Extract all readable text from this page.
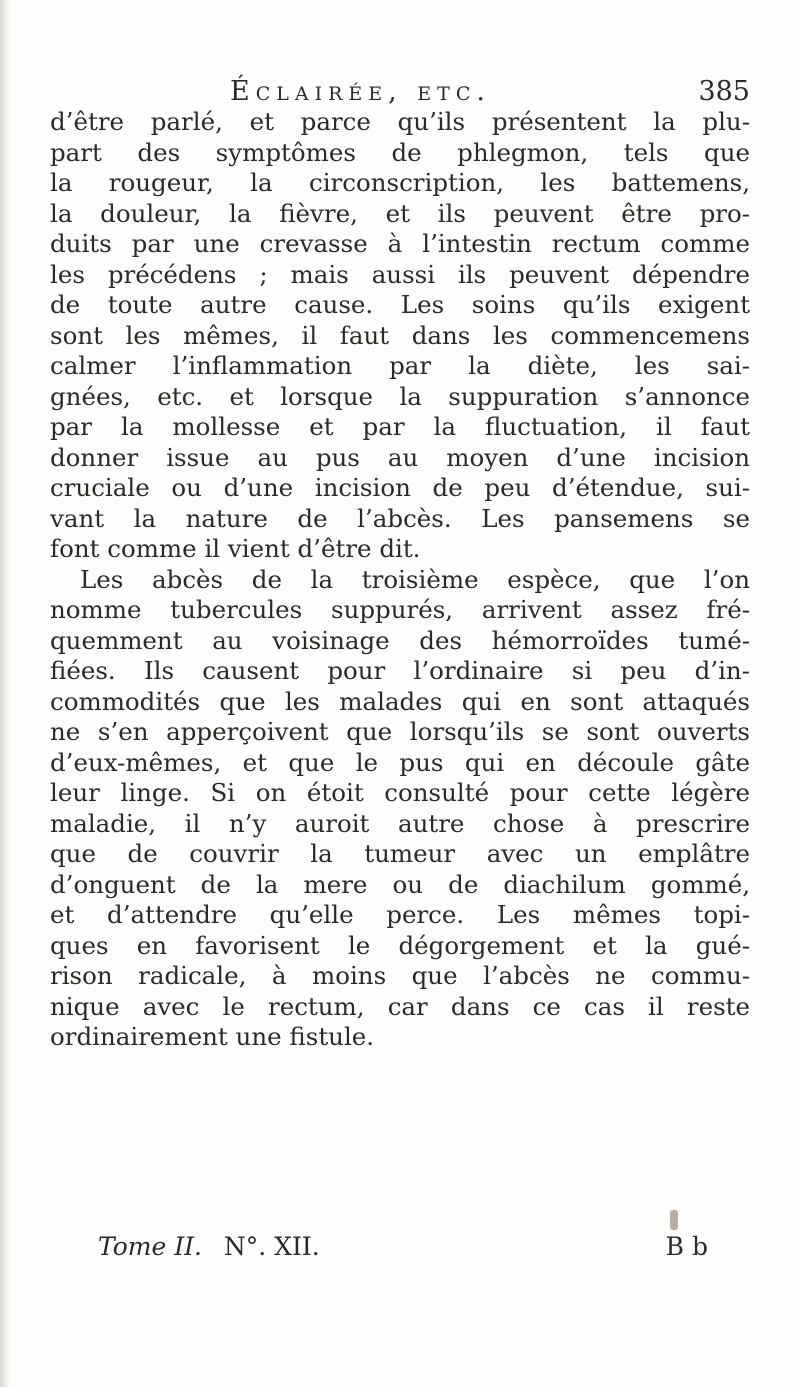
Éclairée, etc.	385
d’être parlé, et parce qu’ils présentent la plu-
part des symptômes de phlegmon, tels que
la rougeur, la circonscription, les battemens,
la douleur, la fièvre, et ils peuvent être pro-
duits par une crevasse à l’intestin rectum comme
les précédens ; mais aussi ils peuvent dépendre
de toute autre cause. Les soins qu’ils exigent
sont les mêmes, il faut dans les commencemens
calmer l’inflammation par la diète, les sai-
gnées, etc. et lorsque la suppuration s’annonce
par la mollesse et par la fluctuation, il faut
donner issue au pus au moyen d’une incision
cruciale ou d’une incision de peu d’étendue, sui-
vant la nature de l’abcès. Les pansemens se
font comme il vient d’être dit.
Les abcès de la troisième espèce, que l’on
nomme tubercules suppurés, arrivent assez fré-
quemment au voisinage des hémorroïdes tumé-
fiées. Ils causent pour l’ordinaire si peu d’in-
commodités que les malades qui en sont attaqués
ne s’en apperçoivent que lorsqu’ils se sont ouverts
d’eux-mêmes, et que le pus qui en découle gâte
leur linge. Si on étoit consulté pour cette légère
maladie, il n’y auroit autre chose à prescrire
que de couvrir la tumeur avec un emplâtre
d’onguent de la mere ou de diachilum gommé,
et d’attendre qu’elle perce. Les mêmes topi-
ques en favorisent le dégorgement et la gué-
rison radicale, à moins que l’abcès ne commu-
nique avec le rectum, car dans ce cas il reste
ordinairement une fistule.
Tome II. N°. XII.	B b
